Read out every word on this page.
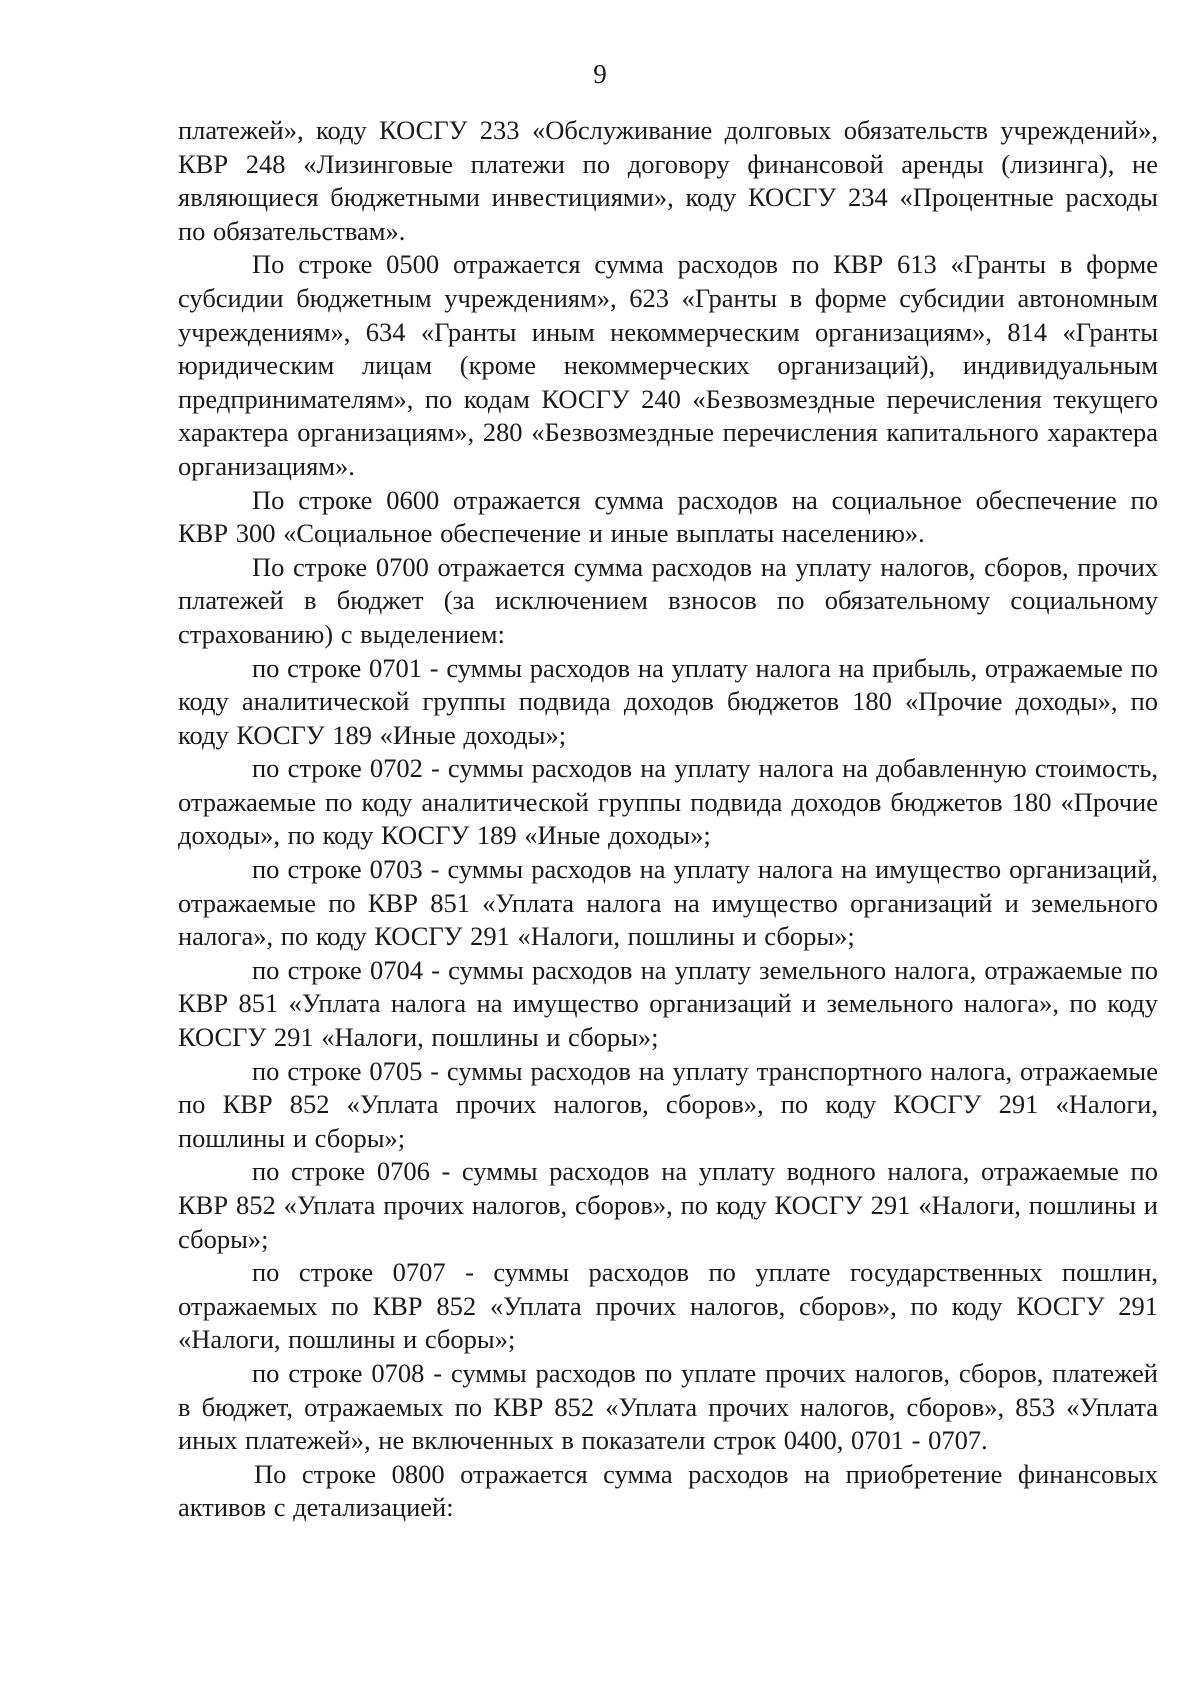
9

платежей», коду КОСГУ 233 «Обслуживание долговых обязательств учреждений», КВР 248 «Лизинговые платежи по договору финансовой аренды (лизинга), не являющиеся бюджетными инвестициями», коду КОСГУ 234 «Процентные расходы по обязательствам».

По строке 0500 отражается сумма расходов по КВР 613 «Гранты в форме субсидии бюджетным учреждениям», 623 «Гранты в форме субсидии автономным учреждениям», 634 «Гранты иным некоммерческим организациям», 814 «Гранты юридическим лицам (кроме некоммерческих организаций), индивидуальным предпринимателям», по кодам КОСГУ 240 «Безвозмездные перечисления текущего характера организациям», 280 «Безвозмездные перечисления капитального характера организациям».

По строке 0600 отражается сумма расходов на социальное обеспечение по КВР 300 «Социальное обеспечение и иные выплаты населению».

По строке 0700 отражается сумма расходов на уплату налогов, сборов, прочих платежей в бюджет (за исключением взносов по обязательному социальному страхованию) с выделением:

по строке 0701 - суммы расходов на уплату налога на прибыль, отражаемые по коду аналитической группы подвида доходов бюджетов 180 «Прочие доходы», по коду КОСГУ 189 «Иные доходы»;

по строке 0702 - суммы расходов на уплату налога на добавленную стоимость, отражаемые по коду аналитической группы подвида доходов бюджетов 180 «Прочие доходы», по коду КОСГУ 189 «Иные доходы»;

по строке 0703 - суммы расходов на уплату налога на имущество организаций, отражаемые по КВР 851 «Уплата налога на имущество организаций и земельного налога», по коду КОСГУ 291 «Налоги, пошлины и сборы»;

по строке 0704 - суммы расходов на уплату земельного налога, отражаемые по КВР 851 «Уплата налога на имущество организаций и земельного налога», по коду КОСГУ 291 «Налоги, пошлины и сборы»;

по строке 0705 - суммы расходов на уплату транспортного налога, отражаемые по КВР 852 «Уплата прочих налогов, сборов», по коду КОСГУ 291 «Налоги, пошлины и сборы»;

по строке 0706 - суммы расходов на уплату водного налога, отражаемые по КВР 852 «Уплата прочих налогов, сборов», по коду КОСГУ 291 «Налоги, пошлины и сборы»;

по строке 0707 - суммы расходов по уплате государственных пошлин, отражаемых по КВР 852 «Уплата прочих налогов, сборов», по коду КОСГУ 291 «Налоги, пошлины и сборы»;

по строке 0708 - суммы расходов по уплате прочих налогов, сборов, платежей в бюджет, отражаемых по КВР 852 «Уплата прочих налогов, сборов», 853 «Уплата иных платежей», не включенных в показатели строк 0400, 0701 - 0707.

По строке 0800 отражается сумма расходов на приобретение финансовых активов с детализацией:
